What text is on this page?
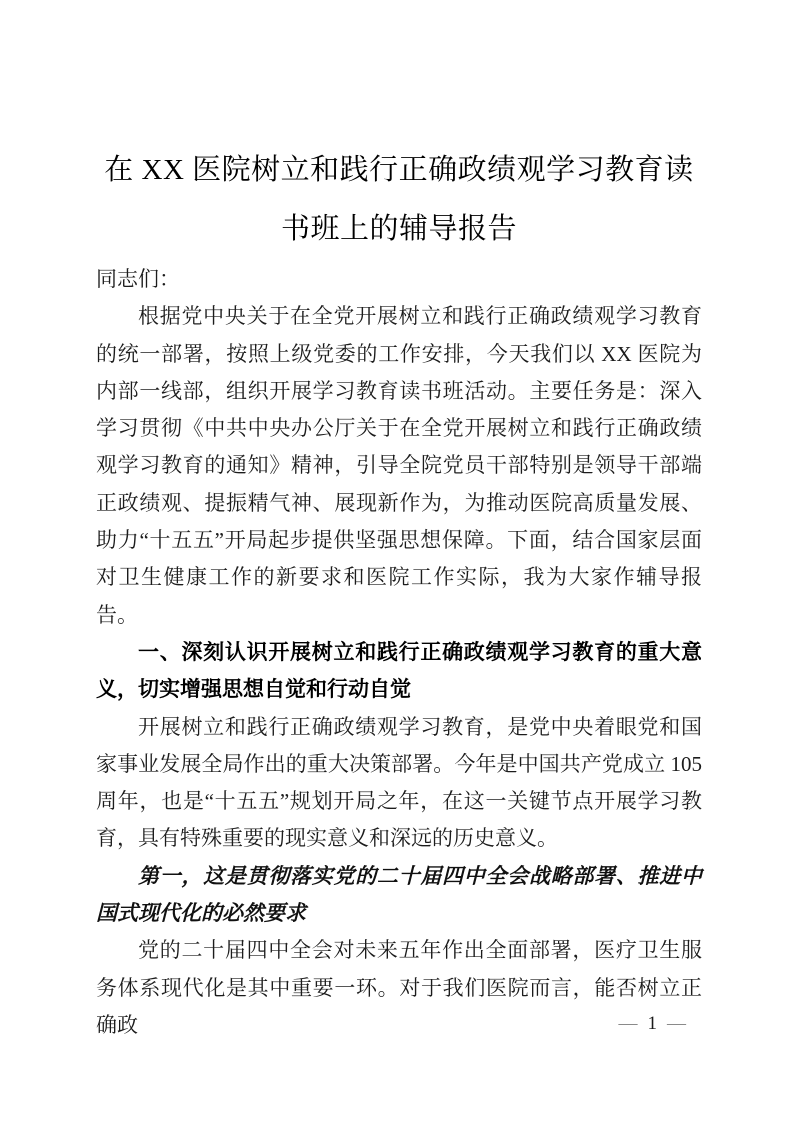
在 XX 医院树立和践行正确政绩观学习教育读
书班上的辅导报告

同志们：

根据党中央关于在全党开展树立和践行正确政绩观学习教育的统一部署，按照上级党委的工作安排，今天我们以 XX 医院为内部一线部，组织开展学习教育读书班活动。主要任务是：深入学习贯彻《中共中央办公厅关于在全党开展树立和践行正确政绩观学习教育的通知》精神，引导全院党员干部特别是领导干部端正政绩观、提振精气神、展现新作为，为推动医院高质量发展、助力“十五五”开局起步提供坚强思想保障。下面，结合国家层面对卫生健康工作的新要求和医院工作实际，我为大家作辅导报告。

一、深刻认识开展树立和践行正确政绩观学习教育的重大意义，切实增强思想自觉和行动自觉

开展树立和践行正确政绩观学习教育，是党中央着眼党和国家事业发展全局作出的重大决策部署。今年是中国共产党成立 105 周年，也是“十五五”规划开局之年，在这一关键节点开展学习教育，具有特殊重要的现实意义和深远的历史意义。

第一，这是贯彻落实党的二十届四中全会战略部署、推进中国式现代化的必然要求

党的二十届四中全会对未来五年作出全面部署，医疗卫生服务体系现代化是其中重要一环。对于我们医院而言，能否树立正确政	— 1 —
